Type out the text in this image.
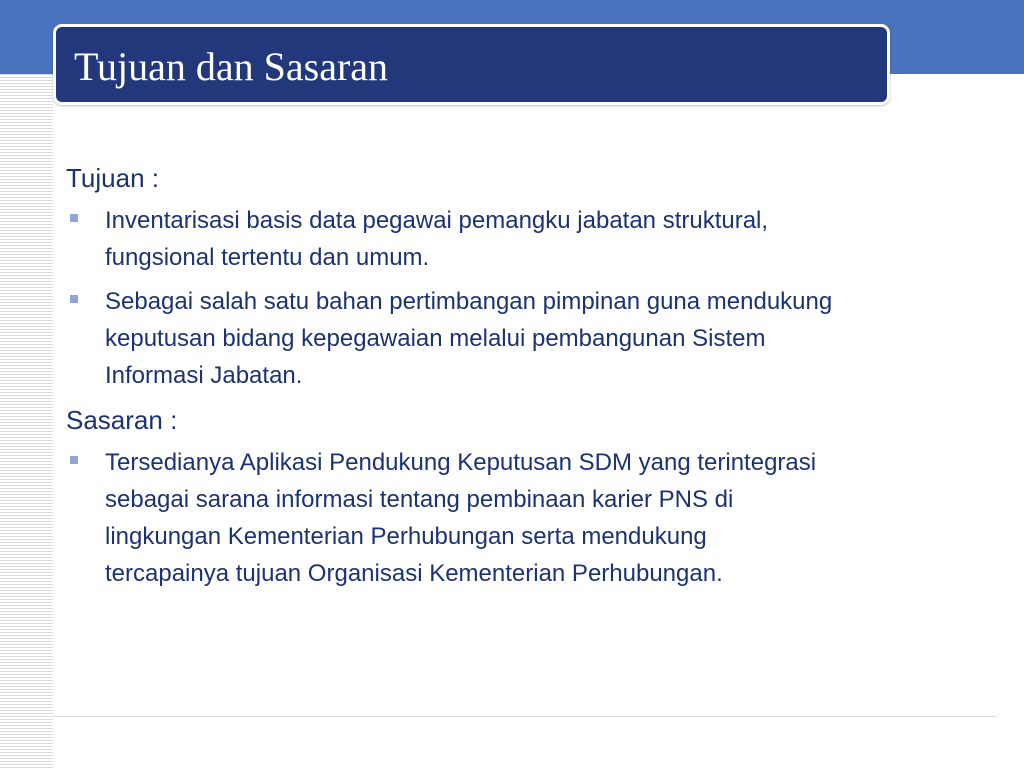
Tujuan dan Sasaran
Tujuan :
Inventarisasi basis data pegawai pemangku jabatan struktural,
fungsional tertentu dan umum.
Sebagai salah satu bahan pertimbangan pimpinan guna mendukung
keputusan bidang kepegawaian melalui pembangunan Sistem
Informasi Jabatan.
Sasaran :
Tersedianya Aplikasi Pendukung Keputusan SDM yang terintegrasi
sebagai sarana informasi tentang pembinaan karier PNS di
lingkungan Kementerian Perhubungan serta mendukung
tercapainya tujuan Organisasi Kementerian Perhubungan.
